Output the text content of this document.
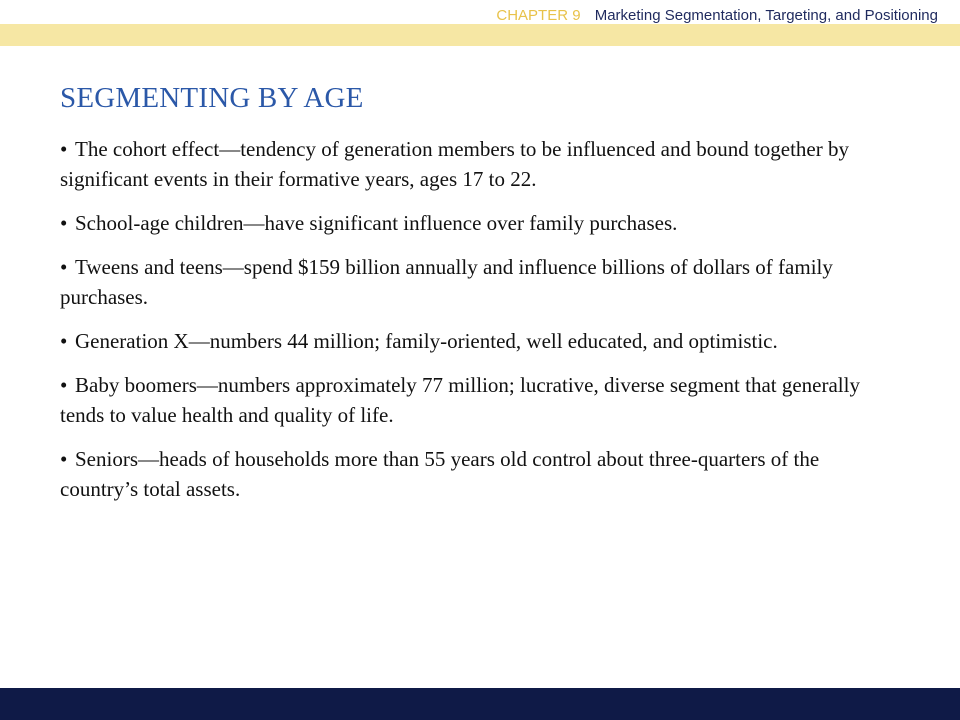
CHAPTER 9 Marketing Segmentation, Targeting, and Positioning
SEGMENTING BY AGE
• The cohort effect—tendency of generation members to be influenced and bound together by significant events in their formative years, ages 17 to 22.
• School-age children—have significant influence over family purchases.
• Tweens and teens—spend $159 billion annually and influence billions of dollars of family purchases.
• Generation X—numbers 44 million; family-oriented, well educated, and optimistic.
• Baby boomers—numbers approximately 77 million; lucrative, diverse segment that generally tends to value health and quality of life.
• Seniors—heads of households more than 55 years old control about three-quarters of the country’s total assets.
